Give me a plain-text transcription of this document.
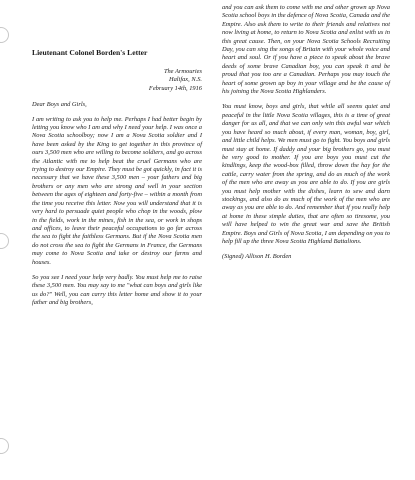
Lieutenant Colonel Borden's Letter
The Armouries
Halifax, N.S.
February 14th, 1916

Dear Boys and Girls,

I am writing to ask you to help me. Perhaps I had better begin by letting you know who I am and why I need your help. I was once a Nova Scotia schoolboy; now I am a Nova Scotia soldier and I have been asked by the King to get together in this province of ours 3,500 men who are willing to become soldiers, and go across the Atlantic with me to help beat the cruel Germans who are trying to destroy our Empire. They must be got quickly, in fact it is necessary that we have these 3,500 men – your fathers and big brothers or any men who are strong and well in your section between the ages of eighteen and forty-five – within a month from the time you receive this letter. Now you will understand that it is very hard to persuade quiet people who chop in the woods, plow in the fields, work in the mines, fish in the sea, or work in shops and offices, to leave their peaceful occupations to go far across the sea to fight the faithless Germans. But if the Nova Scotia men do not cross the sea to fight the Germans in France, the Germans may come to Nova Scotia and take or destroy our farms and houses.

So you see I need your help very badly. You must help me to raise these 3,500 men. You may say to me "what can boys and girls like us do?" Well, you can carry this letter home and show it to your father and big brothers,

and you can ask them to come with me and other grown up Nova Scotia school boys in the defence of Nova Scotia, Canada and the Empire. Also ask them to write to their friends and relatives not now living at home, to return to Nova Scotia and enlist with us in this great cause. Then, on your Nova Scotia Schools Recruiting Day, you can sing the songs of Britain with your whole voice and heart and soul. Or if you have a piece to speak about the brave deeds of some brave Canadian boy, you can speak it and be proud that you too are a Canadian. Perhaps you may touch the heart of some grown up boy in your village and be the cause of his joining the Nova Scotia Highlanders.

You must know, boys and girls, that while all seems quiet and peaceful in the little Nova Scotia villages, this is a time of great danger for us all, and that we can only win this awful war which you have heard so much about, if every man, woman, boy, girl, and little child helps. We men must go to fight. You boys and girls must stay at home. If daddy and your big brothers go, you must be very good to mother. If you are boys you must cut the kindlings, keep the wood-box filled, throw down the hay for the cattle, carry water from the spring, and do as much of the work of the men who are away as you are able to do. If you are girls you must help mother with the dishes, learn to sew and darn stockings, and also do as much of the work of the men who are away as you are able to do. And remember that if you really help at home in these simple duties, that are often so tiresome, you will have helped to win the great war and save the British Empire. Boys and Girls of Nova Scotia, I am depending on you to help fill up the three Nova Scotia Highland Battalions.

(Signed) Allison H. Borden
